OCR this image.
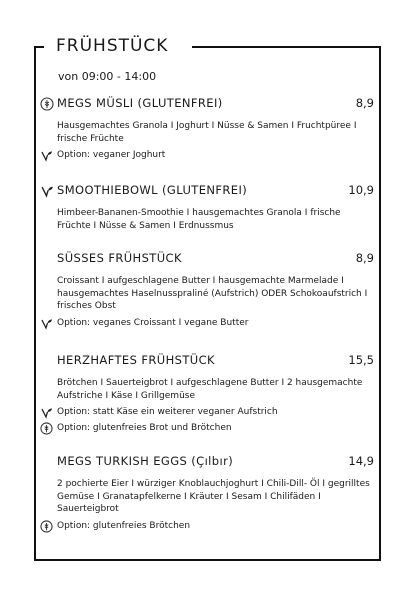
FRÜHSTÜCK
von 09:00 - 14:00
MEGS MÜSLI (GLUTENFREI)	8,9
Hausgemachtes Granola I Joghurt I Nüsse & Samen I Fruchtpüree I frische Früchte
Option: veganer Joghurt
SMOOTHIEBOWL (GLUTENFREI)	10,9
Himbeer-Bananen-Smoothie I hausgemachtes Granola I frische Früchte I Nüsse & Samen I Erdnussmus
SÜSSES FRÜHSTÜCK	8,9
Croissant I aufgeschlagene Butter I hausgemachte Marmelade I hausgemachtes Haselnusspraliné (Aufstrich) ODER Schokoaufstrich I frisches Obst
Option: veganes Croissant I vegane Butter
HERZHAFTES FRÜHSTÜCK	15,5
Brötchen I Sauerteigbrot I aufgeschlagene Butter I 2 hausgemachte Aufstriche I Käse I Grillgemüse
Option: statt Käse ein weiterer veganer Aufstrich
Option: glutenfreies Brot und Brötchen
MEGS TURKISH EGGS (Çılbır)	14,9
2 pochierte Eier I würziger Knoblauchjoghurt I Chili-Dill- Öl I gegrilltes Gemüse I Granatapfelkerne I Kräuter I Sesam I Chilifäden I Sauerteigbrot
Option: glutenfreies Brötchen
